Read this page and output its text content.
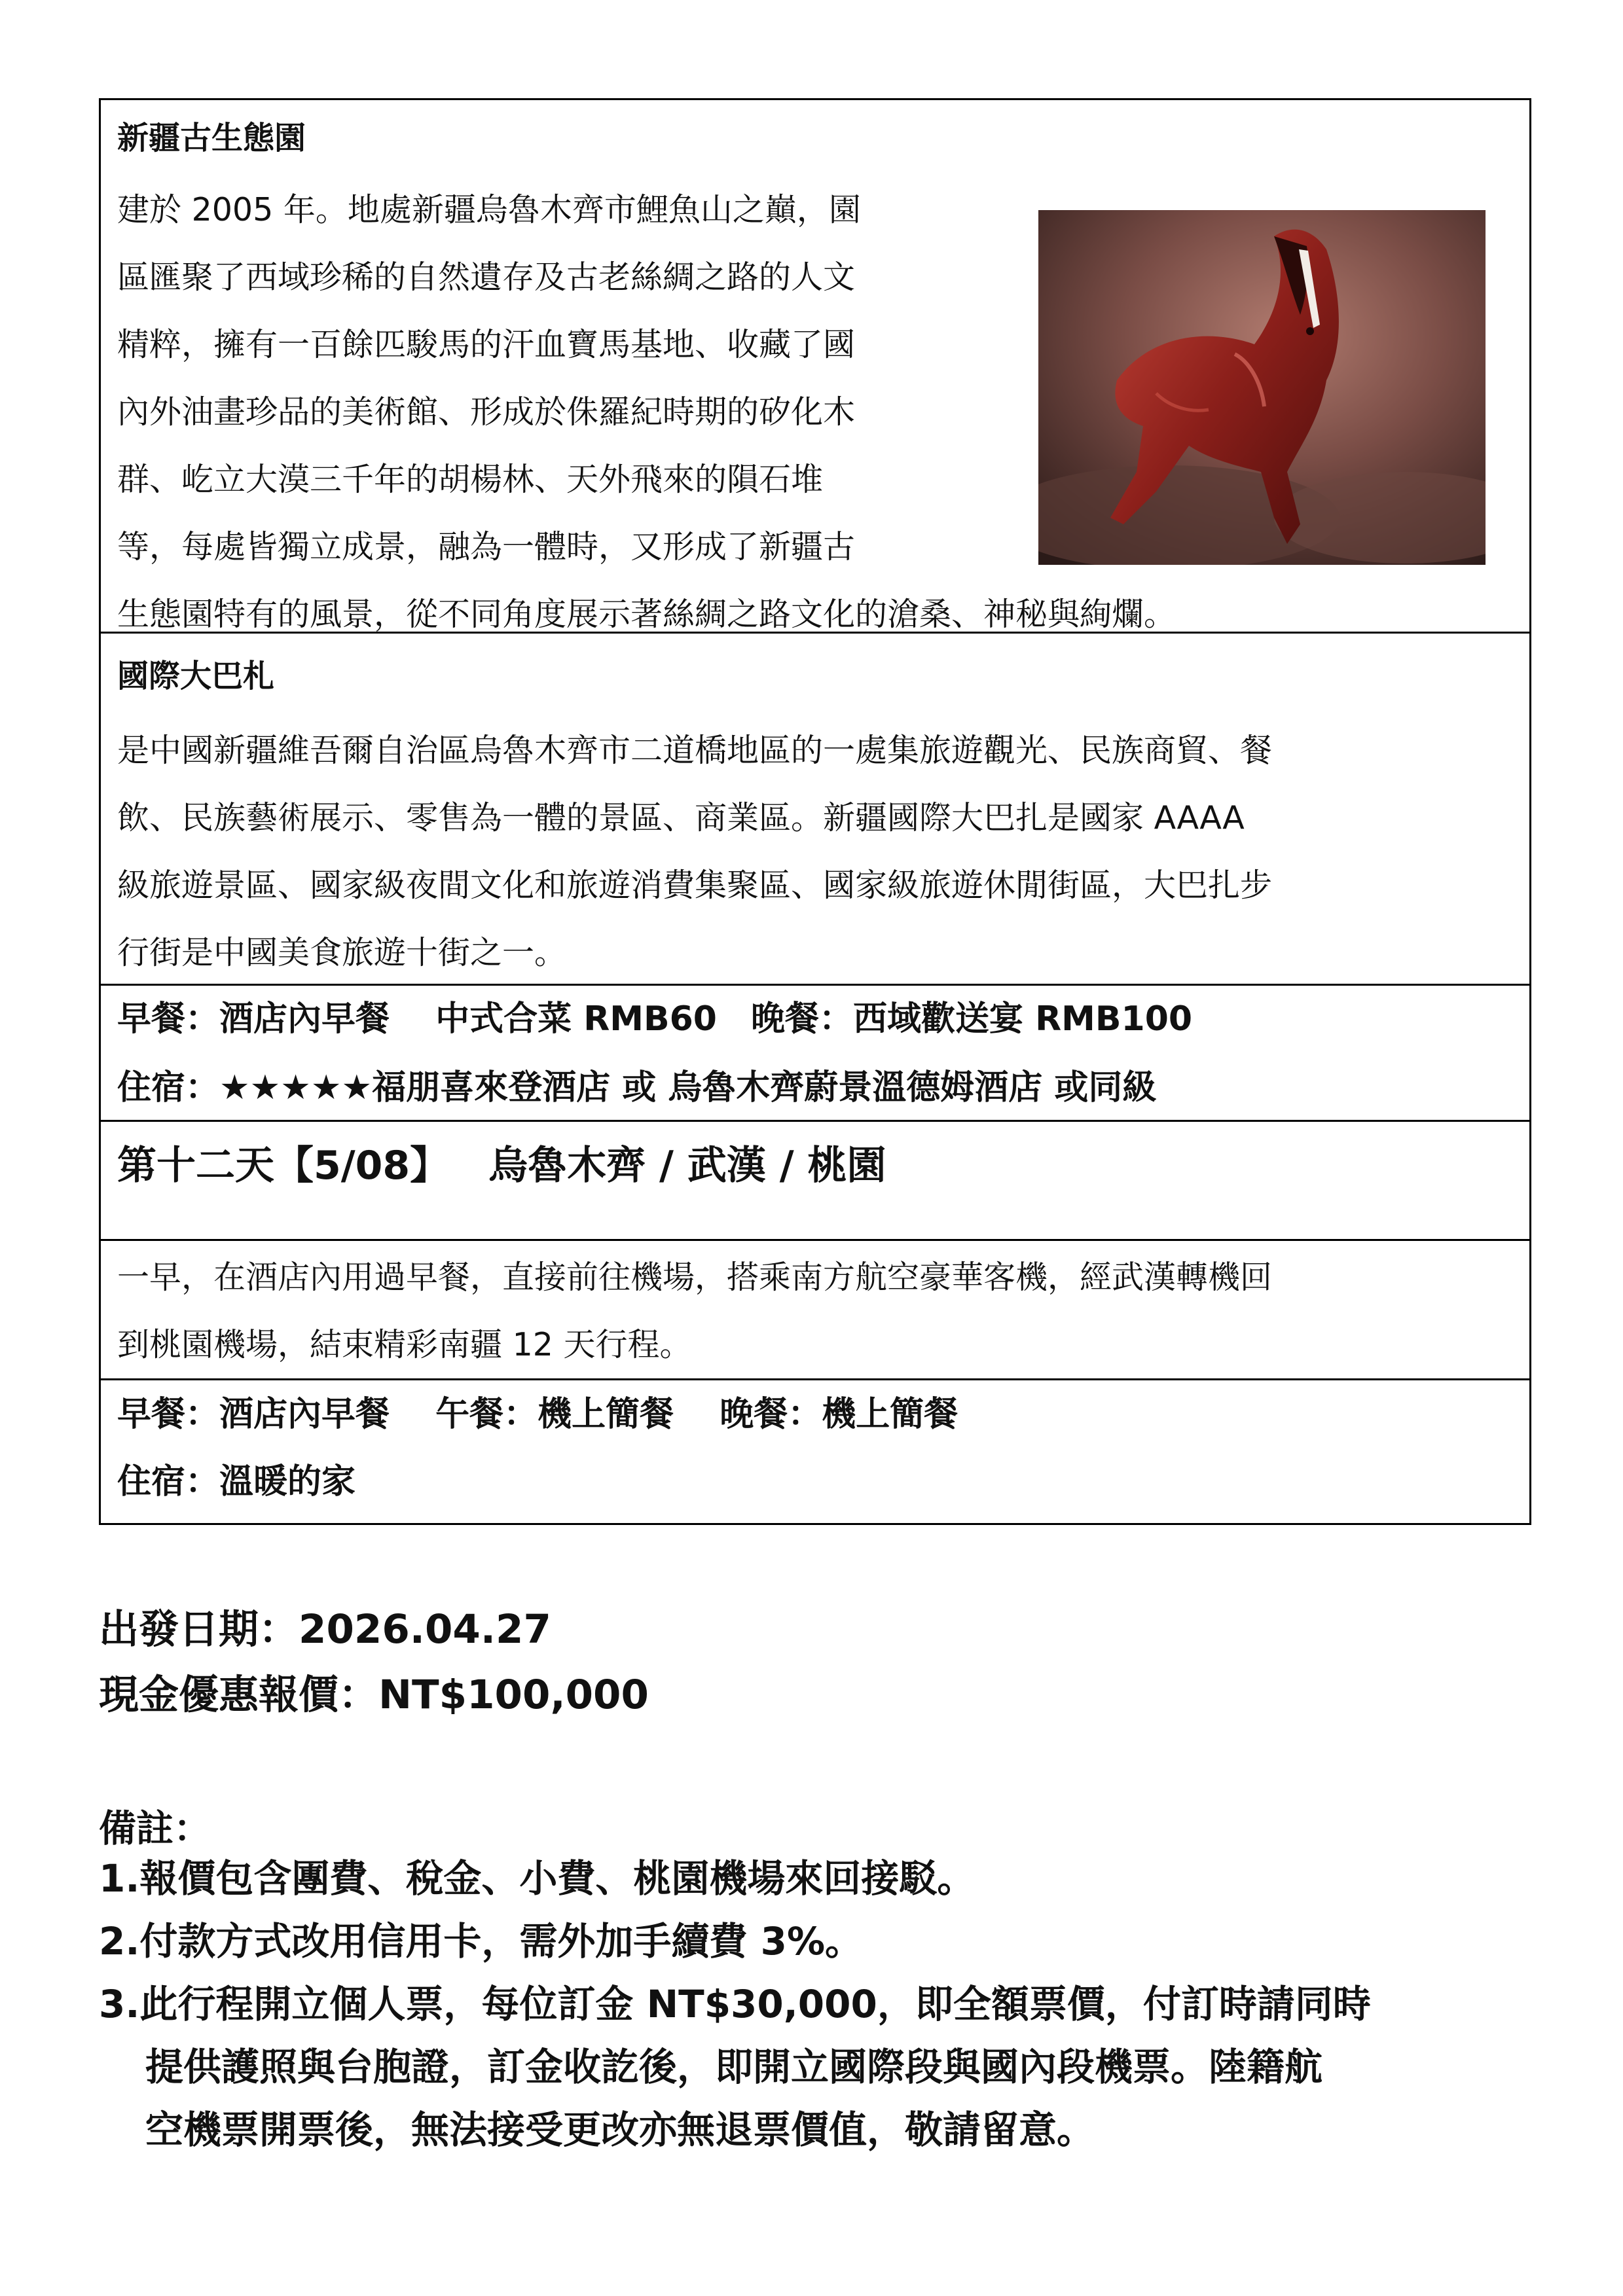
新疆古生態園
建於 2005 年。地處新疆烏魯木齊市鯉魚山之巔，園
區匯聚了西域珍稀的自然遺存及古老絲綢之路的人文
精粹，擁有一百餘匹駿馬的汗血寶馬基地、收藏了國
內外油畫珍品的美術館、形成於侏羅紀時期的矽化木
群、屹立大漠三千年的胡楊林、天外飛來的隕石堆
等，每處皆獨立成景，融為一體時，又形成了新疆古
生態園特有的風景，從不同角度展示著絲綢之路文化的滄桑、神秘與絢爛。
國際大巴札
是中國新疆維吾爾自治區烏魯木齊市二道橋地區的一處集旅遊觀光、民族商貿、餐
飲、民族藝術展示、零售為一體的景區、商業區。新疆國際大巴扎是國家 AAAA
級旅遊景區、國家級夜間文化和旅遊消費集聚區、國家級旅遊休閒街區，大巴扎步
行街是中國美食旅遊十街之一。
早餐：酒店內早餐　 中式合菜 RMB60　晚餐：西域歡送宴 RMB100
住宿：★★★★★福朋喜來登酒店 或 烏魯木齊蔚景溫德姆酒店 或同級
第十二天【5/08】 烏魯木齊 / 武漢 / 桃園
一早，在酒店內用過早餐，直接前往機場，搭乘南方航空豪華客機，經武漢轉機回
到桃園機場，結束精彩南疆 12 天行程。
早餐：酒店內早餐　 午餐：機上簡餐　 晚餐：機上簡餐
住宿：溫暖的家
出發日期：2026.04.27
現金優惠報價：NT$100,000
備註：
1.報價包含團費、稅金、小費、桃園機場來回接駁。
2.付款方式改用信用卡，需外加手續費 3%。
3.此行程開立個人票，每位訂金 NT$30,000，即全額票價，付訂時請同時
提供護照與台胞證，訂金收訖後，即開立國際段與國內段機票。陸籍航
空機票開票後，無法接受更改亦無退票價值，敬請留意。
